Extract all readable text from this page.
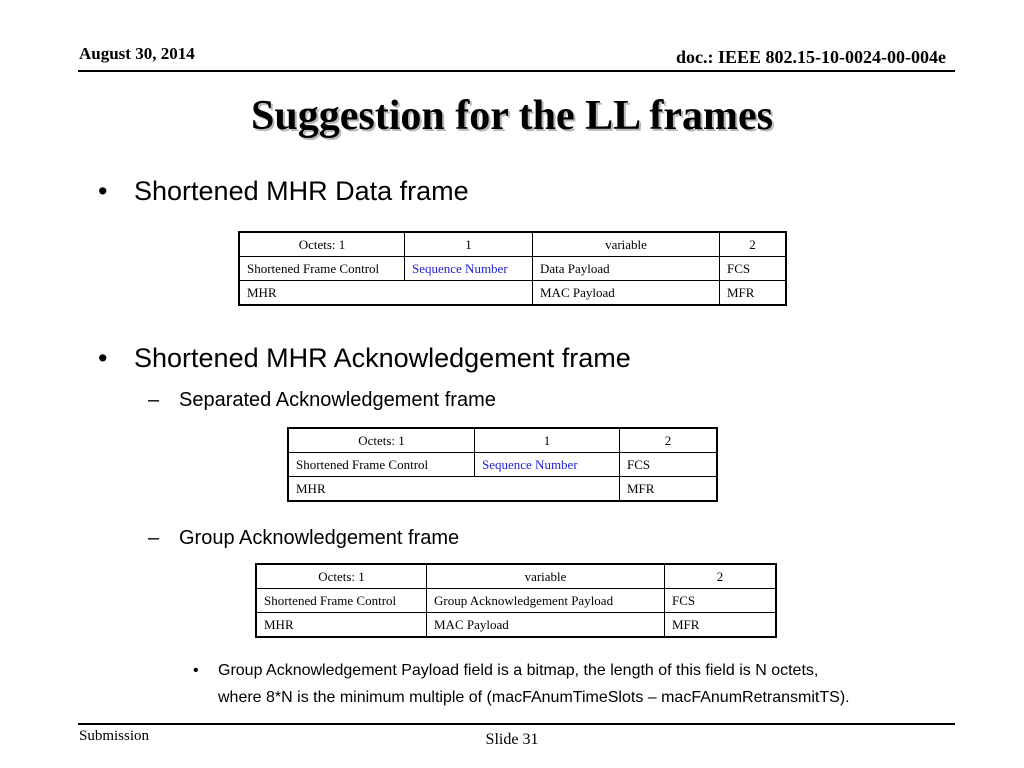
August 30, 2014	doc.: IEEE 802.15-10-0024-00-004e
Suggestion for the LL frames
• Shortened MHR Data frame
Octets: 1	1	variable	2
Shortened Frame Control	Sequence Number	Data Payload	FCS
MHR		MAC Payload	MFR
• Shortened MHR Acknowledgement frame
– Separated Acknowledgement frame
Octets: 1	1	2
Shortened Frame Control	Sequence Number	FCS
MHR		MFR
– Group Acknowledgement frame
Octets: 1	variable	2
Shortened Frame Control	Group Acknowledgement Payload	FCS
MHR	MAC Payload	MFR
• Group Acknowledgement Payload field is a bitmap, the length of this field is N octets,
where 8*N is the minimum multiple of (macFAnumTimeSlots – macFAnumRetransmitTS).
Submission	Slide 31
